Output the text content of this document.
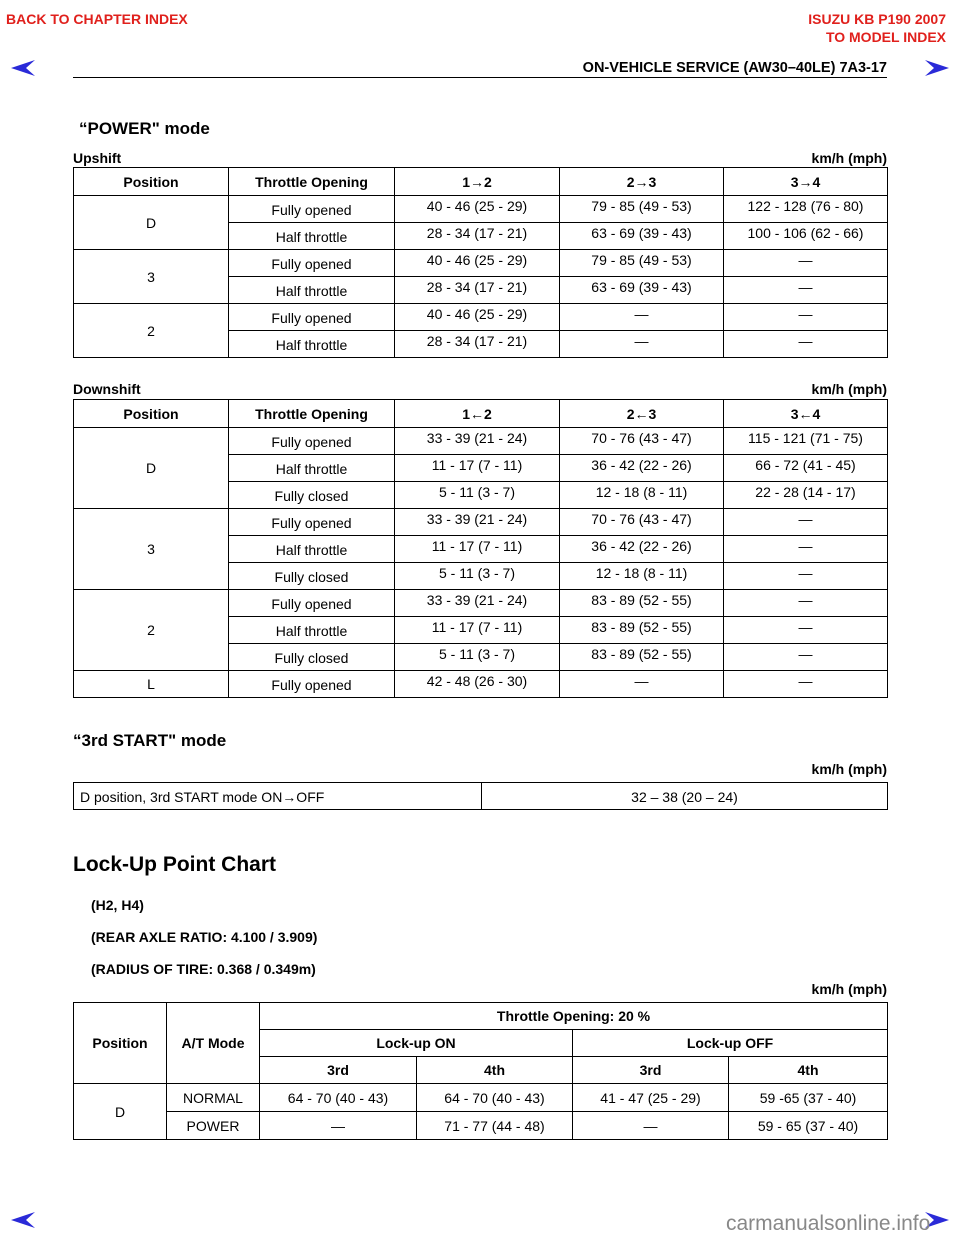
BACK TO CHAPTER INDEX	ISUZU KB P190 2007
TO MODEL INDEX
ON-VEHICLE SERVICE (AW30–40LE) 7A3-17
“POWER" mode
Upshift	km/h (mph)
Position	Throttle Opening	1→2	2→3	3→4
D	Fully opened	40 - 46 (25 - 29)	79 - 85 (49 - 53)	122 - 128 (76 - 80)
	Half throttle	28 - 34 (17 - 21)	63 - 69 (39 - 43)	100 - 106 (62 - 66)
3	Fully opened	40 - 46 (25 - 29)	79 - 85 (49 - 53)	—
	Half throttle	28 - 34 (17 - 21)	63 - 69 (39 - 43)	—
2	Fully opened	40 - 46 (25 - 29)	—	—
	Half throttle	28 - 34 (17 - 21)	—	—
Downshift	km/h (mph)
Position	Throttle Opening	1←2	2←3	3←4
D	Fully opened	33 - 39 (21 - 24)	70 - 76 (43 - 47)	115 - 121 (71 - 75)
	Half throttle	11 - 17 (7 - 11)	36 - 42 (22 - 26)	66 - 72 (41 - 45)
	Fully closed	5 - 11 (3 - 7)	12 - 18 (8 - 11)	22 - 28 (14 - 17)
3	Fully opened	33 - 39 (21 - 24)	70 - 76 (43 - 47)	—
	Half throttle	11 - 17 (7 - 11)	36 - 42 (22 - 26)	—
	Fully closed	5 - 11 (3 - 7)	12 - 18 (8 - 11)	—
2	Fully opened	33 - 39 (21 - 24)	83 - 89 (52 - 55)	—
	Half throttle	11 - 17 (7 - 11)	83 - 89 (52 - 55)	—
	Fully closed	5 - 11 (3 - 7)	83 - 89 (52 - 55)	—
L	Fully opened	42 - 48 (26 - 30)	—	—
“3rd START" mode
km/h (mph)
D position, 3rd START mode ON→OFF	32 – 38 (20 – 24)
Lock-Up Point Chart
(H2, H4)
(REAR AXLE RATIO: 4.100 / 3.909)
(RADIUS OF TIRE: 0.368 / 0.349m)
km/h (mph)
Position	A/T Mode	Throttle Opening: 20 %			
		Lock-up ON		Lock-up OFF	
		3rd	4th	3rd	4th
D	NORMAL	64 - 70 (40 - 43)	64 - 70 (40 - 43)	41 - 47 (25 - 29)	59 -65 (37 - 40)
	POWER	—	71 - 77 (44 - 48)	—	59 - 65 (37 - 40)
carmanualsonline.info
